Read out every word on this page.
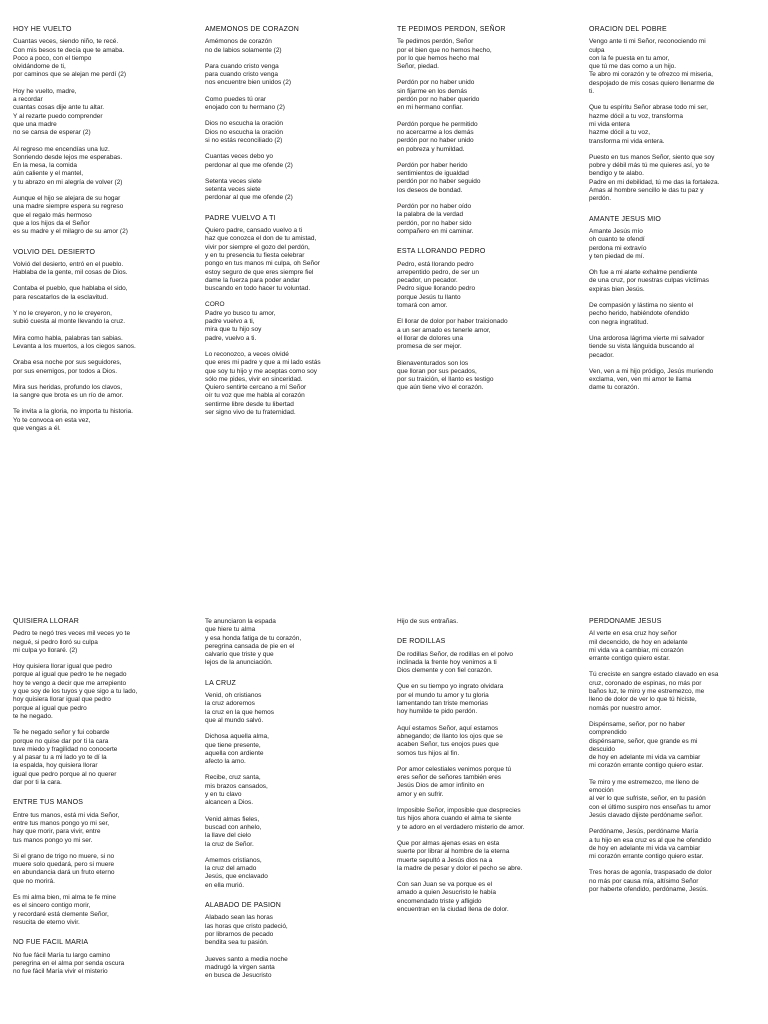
HOY HE VUELTO
Cuantas veces, siendo niño, te recé.
Con mis besos te decía que te amaba.
Poco a poco, con el tiempo
olvidándome de ti,
por caminos que se alejan me perdí (2)
Hoy he vuelto, madre,
a recordar
cuantas cosas dije ante tu altar.
Y al rezarte puedo comprender
que una madre
no se cansa de esperar (2)
Al regreso me encendías una luz.
Sonriendo desde lejos me esperabas.
En la mesa, la comida
aún caliente y el mantel,
y tu abrazo en mi alegría de volver (2)
Aunque el hijo se alejara de su hogar
una madre siempre espera su regreso
que el regalo más hermoso
que a los hijos da el Señor
es su madre y el milagro de su amor (2)
VOLVIO DEL DESIERTO
Volvió del desierto, entró en el pueblo.
Hablaba de la gente, mil cosas de Dios.
Contaba el pueblo, que hablaba el sido,
para rescatarlos de la esclavitud.
Y no le creyeron, y no le creyeron,
subió cuesta al monte llevando la cruz.
Mira como habla, palabras tan sabias.
Levanta a los muertos, a los ciegos sanos.
Oraba esa noche por sus seguidores,
por sus enemigos, por todos a Dios.
Mira sus heridas, profundo los clavos,
la sangre que brota es un río de amor.
Te invita a la gloria, no importa tu historia.
Yo te convoca en esta vez,
que vengas a él.
AMEMONOS DE CORAZON
Amémonos de corazón
no de labios solamente (2)
Para cuando cristo venga
para cuando cristo venga
nos encuentre bien unidos (2)
Como puedes tú orar
enojado con tu hermano (2)
Dios no escucha la oración
Dios no escucha la oración
si no estás reconciliado (2)
Cuantas veces debo yo
perdonar al que me ofende (2)
Setenta veces siete
setenta veces siete
perdonar al que me ofende (2)
PADRE VUELVO A TI
Quiero padre, cansado vuelvo a ti
haz que conozca el don de tu amistad,
vivir por siempre el gozo del perdón,
y en tu presencia tu fiesta celebrar
pongo en tus manos mi culpa, oh Señor
estoy seguro de que eres siempre fiel
dame la fuerza para poder andar
buscando en todo hacer tu voluntad.
CORO
Padre yo busco tu amor,
padre vuelvo a ti,
mira que tu hijo soy
padre, vuelvo a ti.
Lo reconozco, a veces olvidé
que eres mi padre y que a mi lado estás
que soy tu hijo y me aceptas como soy
sólo me pides, vivir en sinceridad.
Quiero sentirte cercano a mí Señor
oír tu voz que me habla al corazón
sentirme libre desde tu libertad
ser signo vivo de tu fraternidad.
TE PEDIMOS PERDON, SEÑOR
Te pedimos perdón, Señor
por el bien que no hemos hecho,
por lo que hemos hecho mal
Señor, piedad.
Perdón por no haber unido
sin fijarme en los demás
perdón por no haber querido
en mi hermano confiar.
Perdón porque he permitido
no acercarme a los demás
perdón por no haber unido
en pobreza y humildad.
Perdón por haber herido
sentimientos de igualdad
perdón por no haber seguido
los deseos de bondad.
Perdón por no haber oído
la palabra de la verdad
perdón, por no haber sido
compañero en mi caminar.
ESTA LLORANDO PEDRO
Pedro, está llorando pedro
arrepentido pedro, de ser un
pecador, un pecador.
Pedro sigue llorando pedro
porque Jesús tu llanto
tomará con amor.
El llorar de dolor por haber traicionado
a un ser amado es tenerle amor,
el llorar de dolores una
promesa de ser mejor.
Bienaventurados son los
que lloran por sus pecados,
por su traición, el llanto es testigo
que aún tiene vivo el corazón.
ORACION DEL POBRE
Vengo ante ti mi Señor, reconociendo mi
culpa
con la fe puesta en tu amor,
que tú me das como a un hijo.
Te abro mi corazón y te ofrezco mi miseria,
despojado de mis cosas quiero llenarme de
ti.
Que tu espíritu Señor abrase todo mi ser,
hazme dócil a tu voz, transforma
mi vida entera
hazme dócil a tu voz,
transforma mi vida entera.
Puesto en tus manos Señor, siento que soy
pobre y débil más tú me quieres así, yo te
bendigo y te alabo.
Padre en mi debilidad, tú me das la fortaleza.
Amas al hombre sencillo le das tu paz y
perdón.
AMANTE JESUS MIO
Amante Jesús mío
oh cuanto te ofendí
perdona mi extravío
y ten piedad de mí.
Oh fue a mi alarte exhalme pendiente
de una cruz, por nuestras culpas víctimas
expiras bien Jesús.
De compasión y lástima no siento el
pecho herido, habiéndote ofendido
con negra ingratitud.
Una ardorosa lágrima vierte mi salvador
tiende su vista lánguida buscando al
pecador.
Ven, ven a mi hijo pródigo, Jesús muriendo
exclama, ven, ven mi amor te llama
dame tu corazón.
QUISIERA LLORAR
Pedro te negó tres veces mil veces yo te
negué, si pedro lloró su culpa
mi culpa yo lloraré. (2)
Hoy quisiera llorar igual que pedro
porque al igual que pedro te he negado
hoy te vengo a decir que me arrepiento
y que soy de los tuyos y que sigo a tu lado,
hoy quisiera llorar igual que pedro
porque al igual que pedro
te he negado.
Te he negado señor y fui cobarde
porque no quise dar por ti la cara
tuve miedo y fragilidad no conocerte
y al pasar tu a mi lado yo te dí la
la espalda, hoy quisiera llorar
igual que pedro porque al no querer
dar por ti la cara.
ENTRE TUS MANOS
Entre tus manos, está mi vida Señor,
entre tus manos pongo yo mi ser,
hay que morir, para vivir, entre
tus manos pongo yo mi ser.
Si el grano de trigo no muere, si no
muere solo quedará, pero si muere
en abundancia dará un fruto eterno
que no morirá.
Es mi alma bien, mi alma te fe mine
es el sincero contigo morir,
y recordaré está clemente Señor,
resucita de eterno vivir.
NO FUE FACIL MARIA
No fue fácil María tu largo camino
peregrina en el alma por senda oscura
no fue fácil María vivir el misterio
Te anunciaron la espada
que hiere tu alma
y esa honda fatiga de tu corazón,
peregrina cansada de pie en el
calvario que triste y que
lejos de la anunciación.
LA CRUZ
Venid, oh cristianos
la cruz adoremos
la cruz en la que hemos
que al mundo salvó.
Dichosa aquella alma,
que tiene presente,
aquella con ardiente
afecto la amo.
Recibe, cruz santa,
mis brazos cansados,
y en tu clavo
alcancen a Dios.
Venid almas fieles,
buscad con anhelo,
la llave del cielo
la cruz de Señor.
Amemos cristianos,
la cruz del amado
Jesús, que enclavado
en ella murió.
ALABADO DE PASION
Alabado sean las horas
las horas que cristo padeció,
por librarnos de pecado
bendita sea tu pasión.
Jueves santo a media noche
madrugó la virgen santa
en busca de Jesucristo
Hijo de sus entrañas.
DE RODILLAS
De rodillas Señor, de rodillas en el polvo
inclinada la frente hoy venimos a ti
Dios clemente y con fiel corazón.
Que en su tiempo yo ingrato olvidara
por el mundo tu amor y tu gloria
lamentando tan triste memorias
hoy humilde te pido perdón.
Aquí estamos Señor, aquí estamos
abnegando; de llanto los ojos que se
acaben Señor, tus enojos pues que
somos tus hijos al fin.
Por amor celestiales venimos porque tú
eres señor de señores también eres
Jesús Dios de amor infinito en
amor y en sufrir.
Imposible Señor, imposible que desprecies
tus hijos ahora cuando el alma te siente
y te adoro en el verdadero misterio de amor.
Que por almas ajenas esas en esta
suerte por librar al hombre de la eterna
muerte sepultó a Jesús dios na a
la madre de pesar y dolor el pecho se abre.
Con san Juan se va porque es el
amado a quien Jesucristo le había
encomendado triste y afligido
encuentran en la ciudad llena de dolor.
PERDONAME JESUS
Al verte en esa cruz hoy señor
mil decencido, de hoy en adelante
mi vida va a cambiar, mi corazón
errante contigo quiero estar.
Tú creciste en sangre estado clavado en esa
cruz, coronado de espinas, no más por
baños luz, te miro y me estremezco, me
lleno de dolor de ver lo que tú hiciste,
nomás por nuestro amor.
Dispénsame, señor, por no haber
comprendido
dispénsame, señor, que grande es mi
descuido
de hoy en adelante mi vida va cambiar
mi corazón errante contigo quiero estar.
Te miro y me estremezco, me lleno de
emoción
al ver lo que sufriste, señor, en tu pasión
con el último suspiro nos enseñas tu amor
Jesús clavado dijiste perdóname señor.
Perdóname, Jesús, perdóname María
a tu hijo en esa cruz es al que he ofendido
de hoy en adelante mi vida va cambiar
mi corazón errante contigo quiero estar.
Tres horas de agonía, traspasado de dolor
no más por causa mía, altísimo Señor
por haberte ofendido, perdóname, Jesús.
